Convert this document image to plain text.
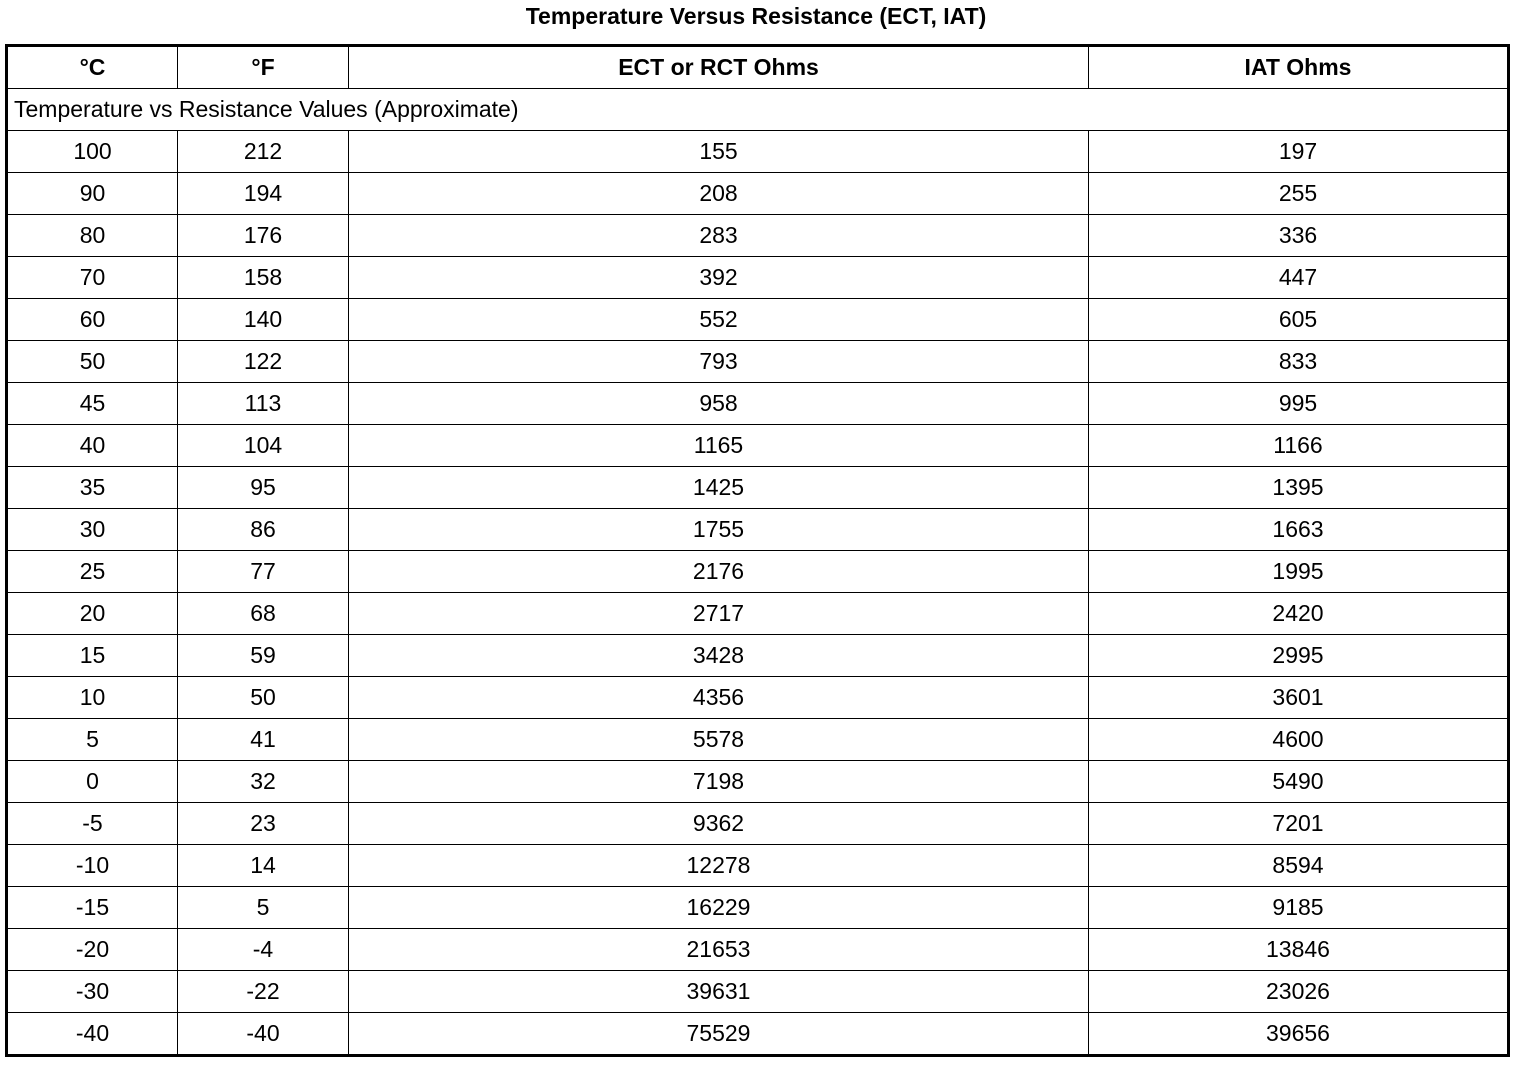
Temperature Versus Resistance (ECT, IAT)
°C	°F	ECT or RCT Ohms	IAT Ohms
Temperature vs Resistance Values (Approximate)			
100	212	155	197
90	194	208	255
80	176	283	336
70	158	392	447
60	140	552	605
50	122	793	833
45	113	958	995
40	104	1165	1166
35	95	1425	1395
30	86	1755	1663
25	77	2176	1995
20	68	2717	2420
15	59	3428	2995
10	50	4356	3601
5	41	5578	4600
0	32	7198	5490
-5	23	9362	7201
-10	14	12278	8594
-15	5	16229	9185
-20	-4	21653	13846
-30	-22	39631	23026
-40	-40	75529	39656
